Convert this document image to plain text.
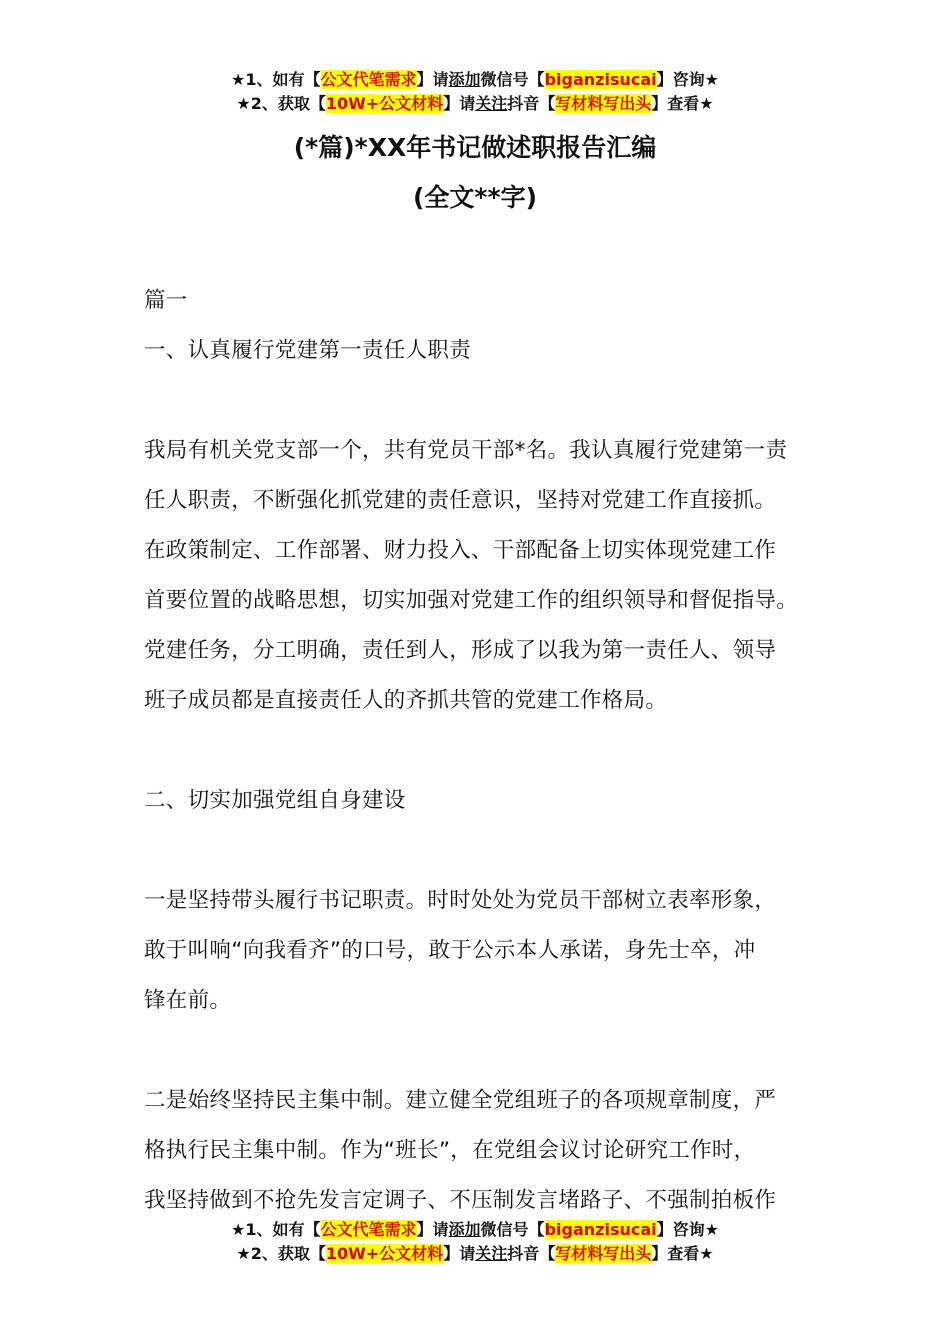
★1、如有【公文代笔需求】请添加微信号【biganzisucai】咨询★
★2、获取【10W+公文材料】请关注抖音【写材料写出头】查看★
(*篇)*XX年书记做述职报告汇编
(全文**字)

篇一

一、认真履行党建第一责任人职责

我局有机关党支部一个，共有党员干部*名。我认真履行党建第一责

任人职责，不断强化抓党建的责任意识，坚持对党建工作直接抓。

在政策制定、工作部署、财力投入、干部配备上切实体现党建工作

首要位置的战略思想，切实加强对党建工作的组织领导和督促指导。

党建任务，分工明确，责任到人，形成了以我为第一责任人、领导

班子成员都是直接责任人的齐抓共管的党建工作格局。

二、切实加强党组自身建设

一是坚持带头履行书记职责。时时处处为党员干部树立表率形象，

敢于叫响“向我看齐”的口号，敢于公示本人承诺，身先士卒，冲

锋在前。

二是始终坚持民主集中制。建立健全党组班子的各项规章制度，严

格执行民主集中制。作为“班长”，在党组会议讨论研究工作时，

我坚持做到不抢先发言定调子、不压制发言堵路子、不强制拍板作

★1、如有【公文代笔需求】请添加微信号【biganzisucai】咨询★
★2、获取【10W+公文材料】请关注抖音【写材料写出头】查看★
